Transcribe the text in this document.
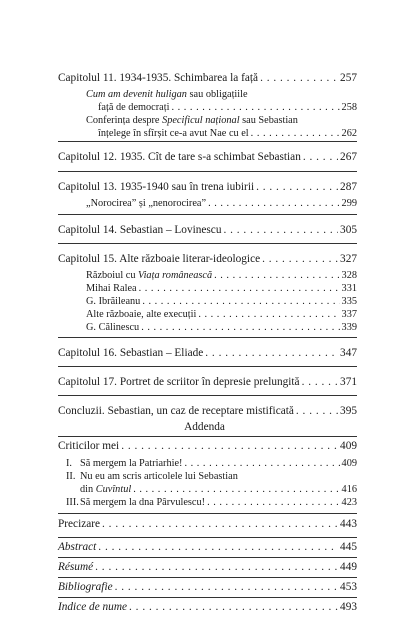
Capitolul 11. 1934-1935. Schimbarea la față . . .	257
Cum am devenit huligan sau obligațiile
față de democrați . . .	258
Conferința despre Specificul național sau Sebastian
înțelege în sfîrșit ce-a avut Nae cu el . . .	262
Capitolul 12. 1935. Cît de tare s-a schimbat Sebastian . . .	267
Capitolul 13. 1935-1940 sau în trena iubirii . . .	287
„Norocirea” și „nenorocirea” . . .	299
Capitolul 14. Sebastian – Lovinescu . . .	305
Capitolul 15. Alte războaie literar-ideologice . . .	327
Războiul cu Viața românească . . .	328
Mihai Ralea . . .	331
G. Ibrăileanu . . .	335
Alte războaie, alte execuții . . .	337
G. Călinescu . . .	339
Capitolul 16. Sebastian – Eliade . . .	347
Capitolul 17. Portret de scriitor în depresie prelungită . . .	371
Concluzii. Sebastian, un caz de receptare mistificată . . .	395
Addenda
Criticilor mei . . .	409
I. Să mergem la Patriarhie! . . .	409
II. Nu eu am scris articolele lui Sebastian
din Cuvîntul . . .	416
III.Să mergem la dna Pârvulescu! . . .	423
Precizare . . .	443
Abstract . . .	445
Résumé . . .	449
Bibliografie . . .	453
Indice de nume . . .	493
